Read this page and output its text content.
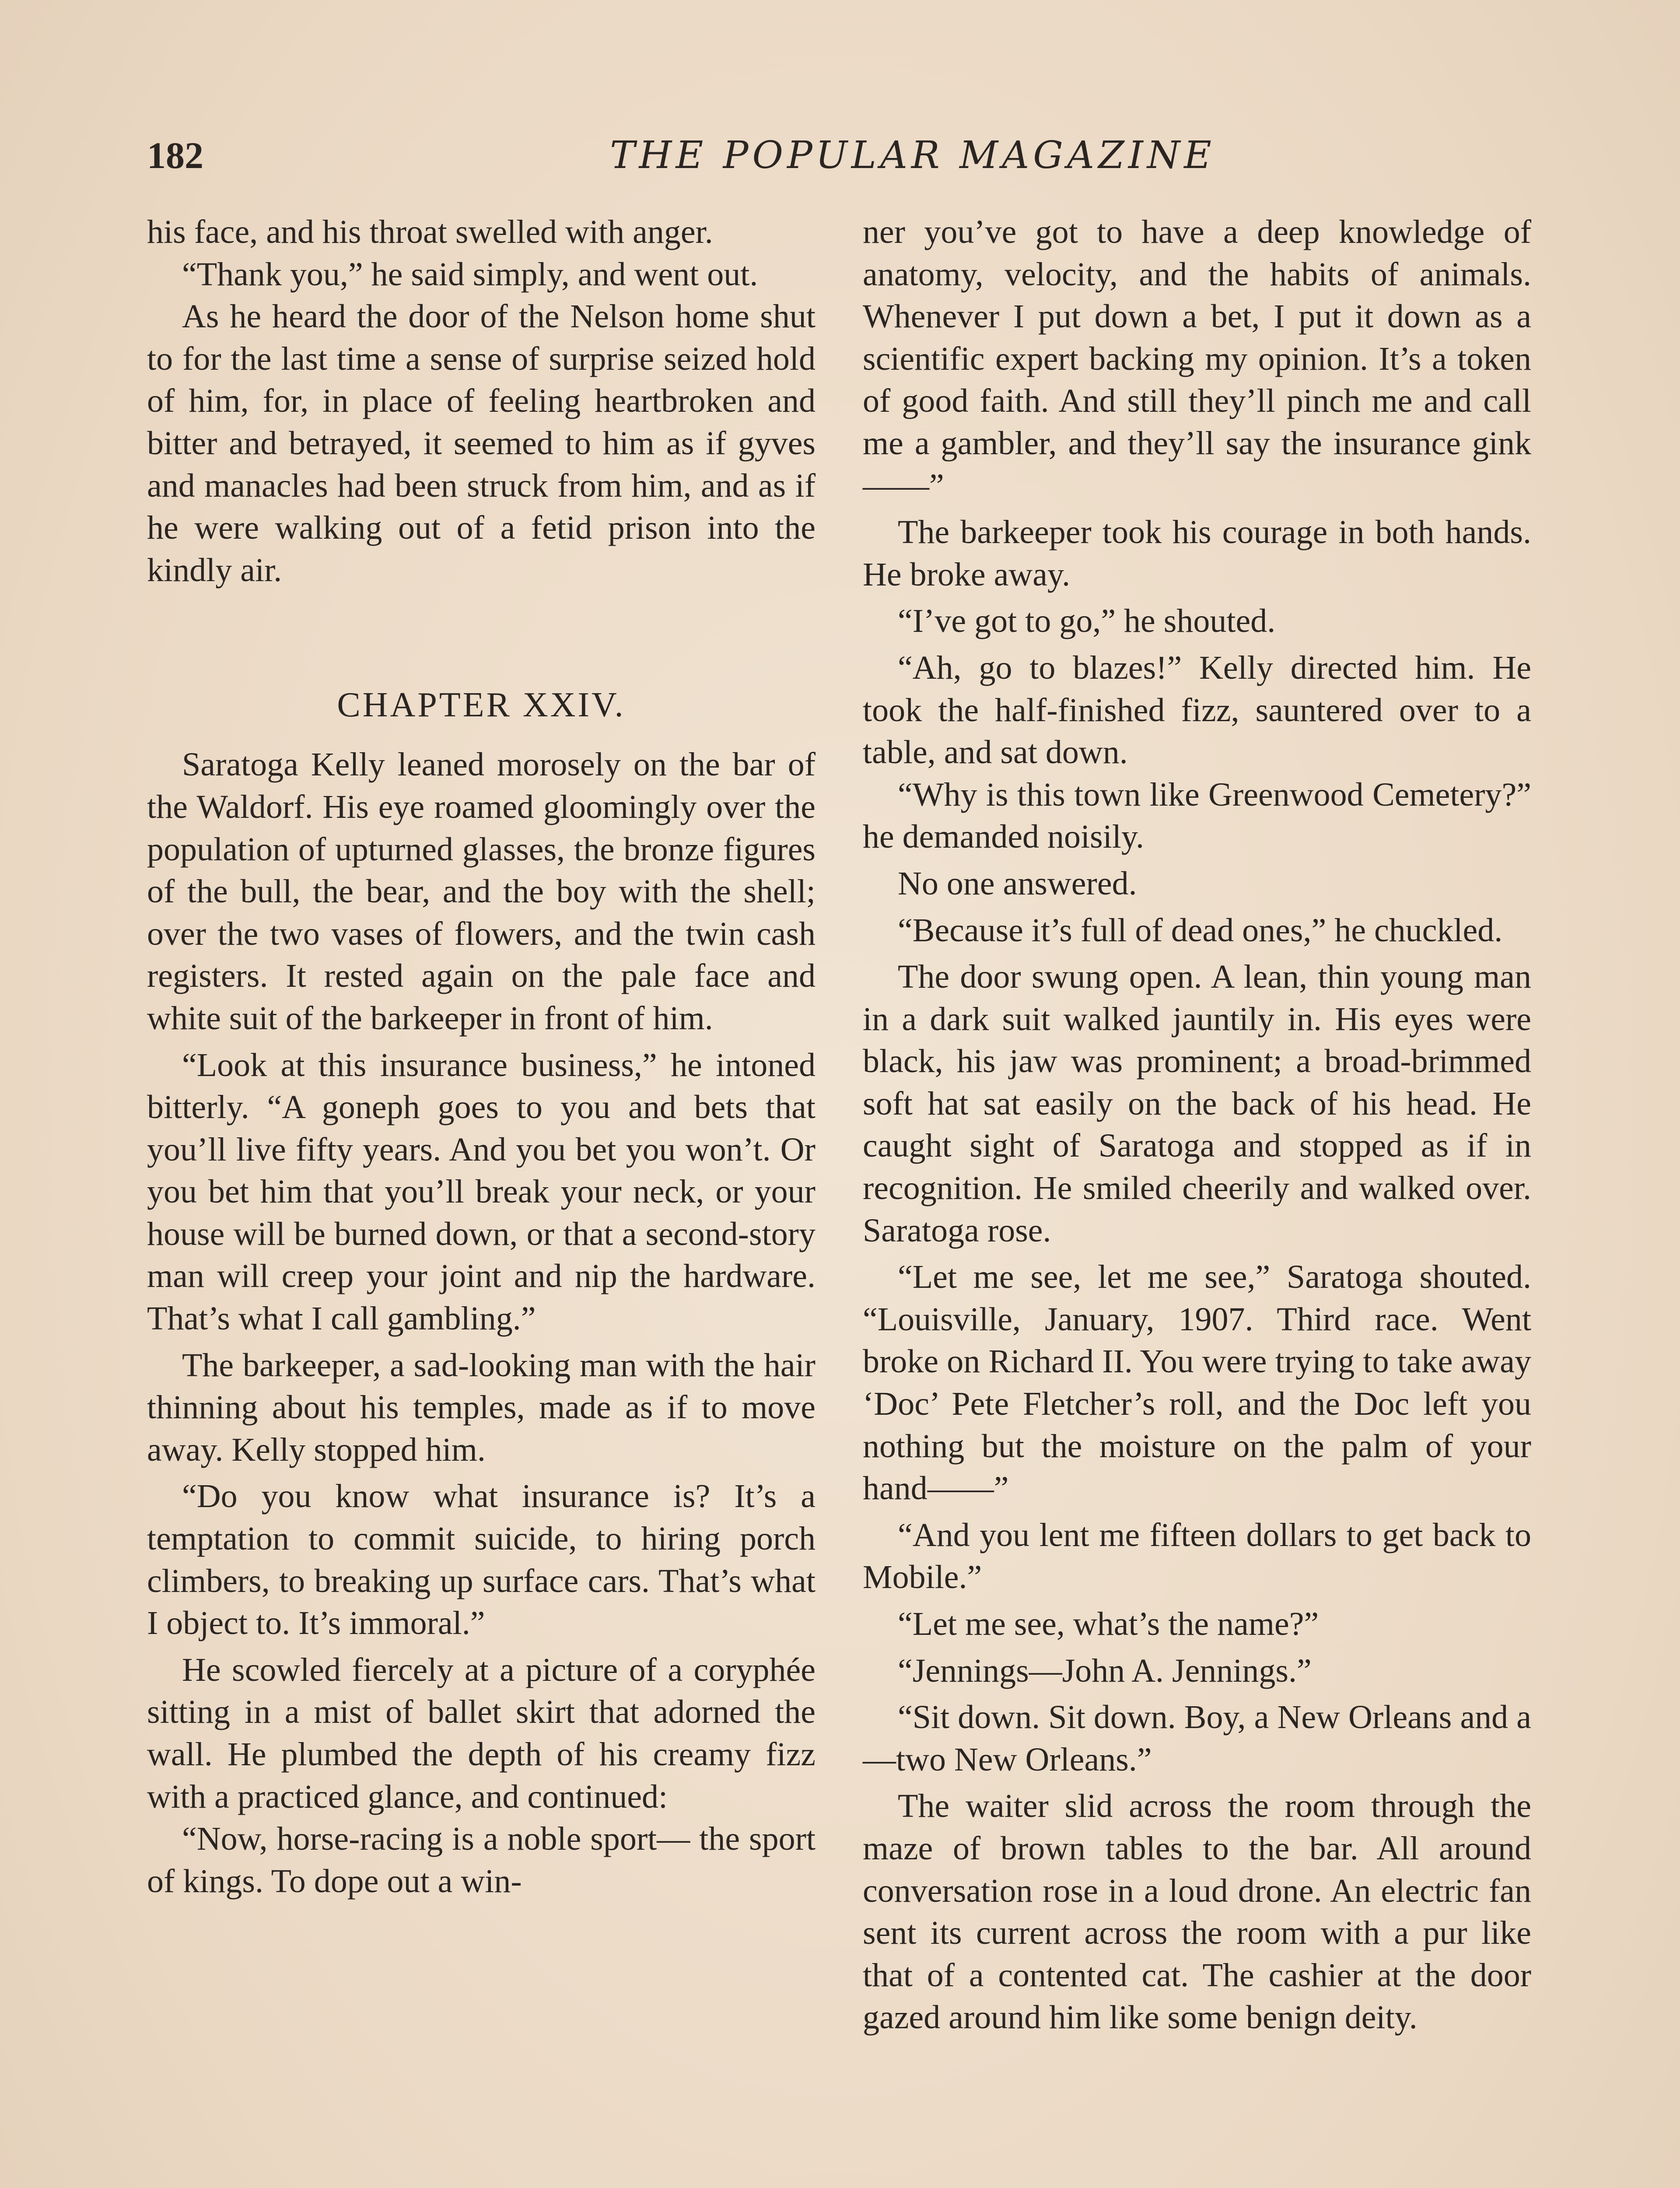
182	THE POPULAR MAGAZINE

his face, and his throat swelled with anger.

“Thank you,” he said simply, and went out.

As he heard the door of the Nelson home shut to for the last time a sense of surprise seized hold of him, for, in place of feeling heartbroken and bitter and betrayed, it seemed to him as if gyves and manacles had been struck from him, and as if he were walking out of a fetid prison into the kindly air.

CHAPTER XXIV.

Saratoga Kelly leaned morosely on the bar of the Waldorf. His eye roamed gloomingly over the population of upturned glasses, the bronze figures of the bull, the bear, and the boy with the shell; over the two vases of flowers, and the twin cash registers. It rested again on the pale face and white suit of the barkeeper in front of him.

“Look at this insurance business,” he intoned bitterly. “A goneph goes to you and bets that you’ll live fifty years. And you bet you won’t. Or you bet him that you’ll break your neck, or your house will be burned down, or that a second-story man will creep your joint and nip the hardware. That’s what I call gambling.”

The barkeeper, a sad-looking man with the hair thinning about his temples, made as if to move away. Kelly stopped him.

“Do you know what insurance is? It’s a temptation to commit suicide, to hiring porch climbers, to breaking up surface cars. That’s what I object to. It’s immoral.”

He scowled fiercely at a picture of a coryphée sitting in a mist of ballet skirt that adorned the wall. He plumbed the depth of his creamy fizz with a practiced glance, and continued:

“Now, horse-racing is a noble sport— the sport of kings. To dope out a win-

ner you’ve got to have a deep knowledge of anatomy, velocity, and the habits of animals. Whenever I put down a bet, I put it down as a scientific expert backing my opinion. It’s a token of good faith. And still they’ll pinch me and call me a gambler, and they’ll say the insurance gink——”

The barkeeper took his courage in both hands. He broke away.

“I’ve got to go,” he shouted.

“Ah, go to blazes!” Kelly directed him. He took the half-finished fizz, sauntered over to a table, and sat down.

“Why is this town like Greenwood Cemetery?” he demanded noisily.

No one answered.

“Because it’s full of dead ones,” he chuckled.

The door swung open. A lean, thin young man in a dark suit walked jauntily in. His eyes were black, his jaw was prominent; a broad-brimmed soft hat sat easily on the back of his head. He caught sight of Saratoga and stopped as if in recognition. He smiled cheerily and walked over. Saratoga rose.

“Let me see, let me see,” Saratoga shouted. “Louisville, January, 1907. Third race. Went broke on Richard II. You were trying to take away ‘Doc’ Pete Fletcher’s roll, and the Doc left you nothing but the moisture on the palm of your hand——”

“And you lent me fifteen dollars to get back to Mobile.”

“Let me see, what’s the name?”

“Jennings—John A. Jennings.”

“Sit down. Sit down. Boy, a New Orleans and a—two New Orleans.”

The waiter slid across the room through the maze of brown tables to the bar. All around conversation rose in a loud drone. An electric fan sent its current across the room with a pur like that of a contented cat. The cashier at the door gazed around him like some benign deity.
